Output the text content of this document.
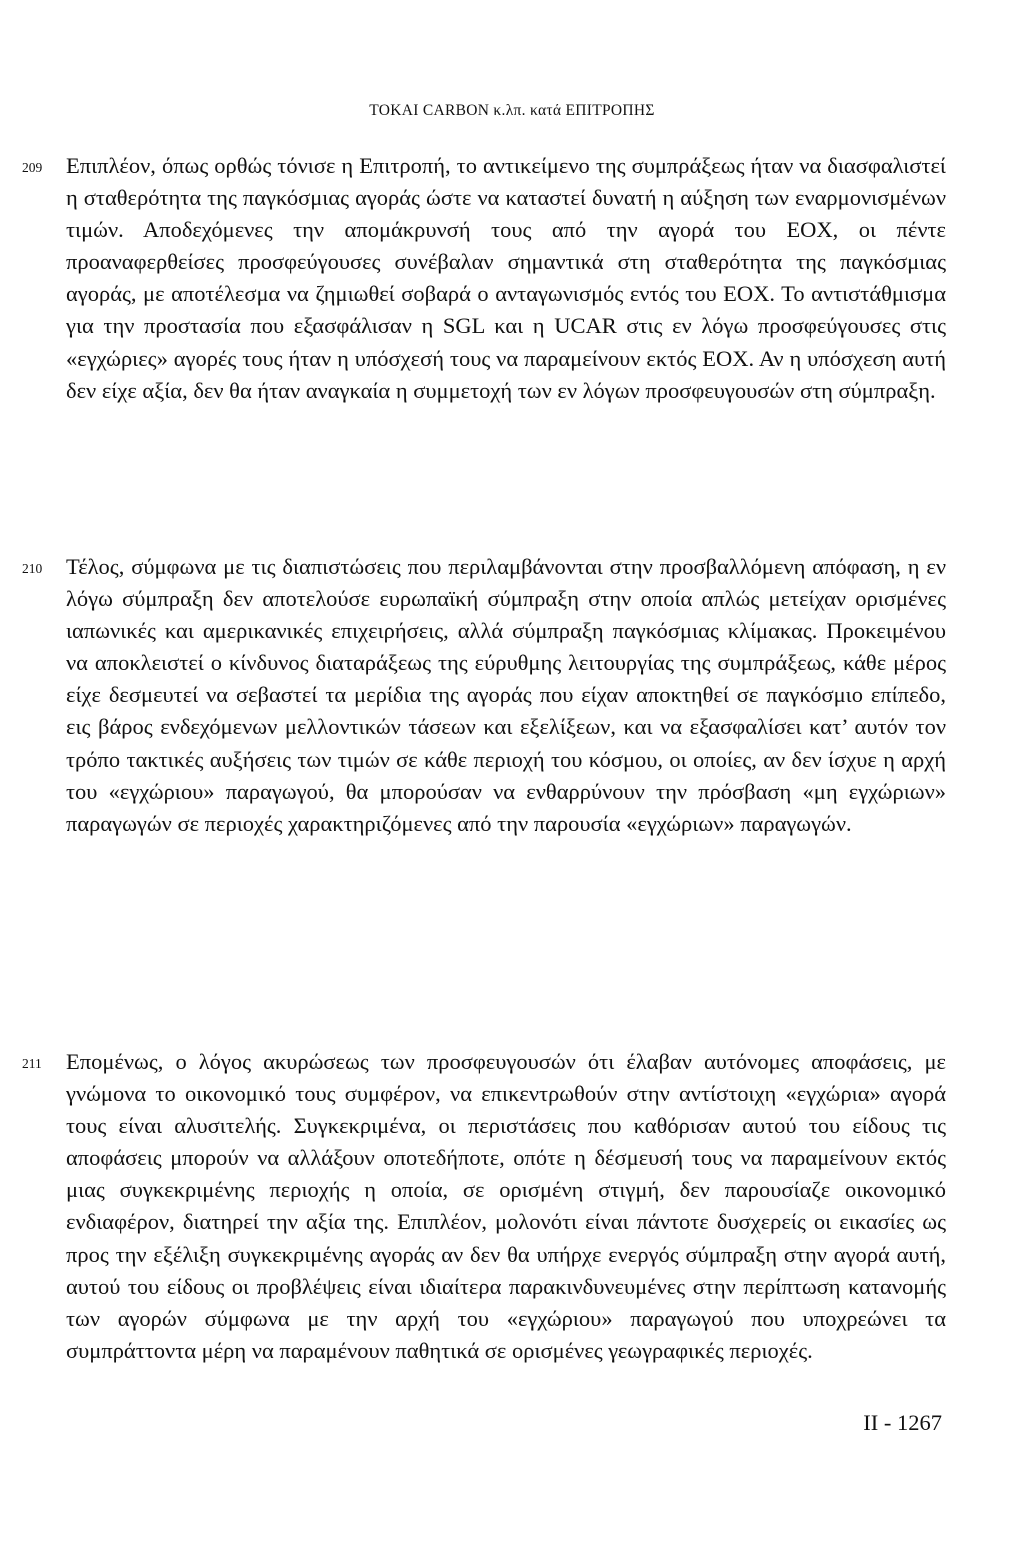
TOKAI CARBON κ.λπ. κατά ΕΠΙΤΡΟΠΗΣ
209 Επιπλέον, όπως ορθώς τόνισε η Επιτροπή, το αντικείμενο της συμπράξεως ήταν να διασφαλιστεί η σταθερότητα της παγκόσμιας αγοράς ώστε να καταστεί δυνατή η αύξηση των εναρμονισμένων τιμών. Αποδεχόμενες την απομάκρυνσή τους από την αγορά του ΕΟΧ, οι πέντε προαναφερθείσες προσφεύγουσες συνέβαλαν σημαντικά στη σταθερότητα της παγκόσμιας αγοράς, με αποτέλεσμα να ζημιωθεί σοβαρά ο ανταγωνισμός εντός του ΕΟΧ. Το αντιστάθμισμα για την προστασία που εξασφάλισαν η SGL και η UCAR στις εν λόγω προσφεύγουσες στις «εγχώριες» αγορές τους ήταν η υπόσχεσή τους να παραμείνουν εκτός ΕΟΧ. Αν η υπόσχεση αυτή δεν είχε αξία, δεν θα ήταν αναγκαία η συμμετοχή των εν λόγων προσφευγουσών στη σύμπραξη.

210 Τέλος, σύμφωνα με τις διαπιστώσεις που περιλαμβάνονται στην προσβαλλόμενη απόφαση, η εν λόγω σύμπραξη δεν αποτελούσε ευρωπαϊκή σύμπραξη στην οποία απλώς μετείχαν ορισμένες ιαπωνικές και αμερικανικές επιχειρήσεις, αλλά σύμπραξη παγκόσμιας κλίμακας. Προκειμένου να αποκλειστεί ο κίνδυνος διαταράξεως της εύρυθμης λειτουργίας της συμπράξεως, κάθε μέρος είχε δεσμευτεί να σεβαστεί τα μερίδια της αγοράς που είχαν αποκτηθεί σε παγκόσμιο επίπεδο, εις βάρος ενδεχόμενων μελλοντικών τάσεων και εξελίξεων, και να εξασφαλίσει κατ’ αυτόν τον τρόπο τακτικές αυξήσεις των τιμών σε κάθε περιοχή του κόσμου, οι οποίες, αν δεν ίσχυε η αρχή του «εγχώριου» παραγωγού, θα μπορούσαν να ενθαρρύνουν την πρόσβαση «μη εγχώριων» παραγωγών σε περιοχές χαρακτηριζόμενες από την παρουσία «εγχώριων» παραγωγών.

211 Επομένως, ο λόγος ακυρώσεως των προσφευγουσών ότι έλαβαν αυτόνομες αποφάσεις, με γνώμονα το οικονομικό τους συμφέρον, να επικεντρωθούν στην αντίστοιχη «εγχώρια» αγορά τους είναι αλυσιτελής. Συγκεκριμένα, οι περιστάσεις που καθόρισαν αυτού του είδους τις αποφάσεις μπορούν να αλλάξουν οποτεδήποτε, οπότε η δέσμευσή τους να παραμείνουν εκτός μιας συγκεκριμένης περιοχής η οποία, σε ορισμένη στιγμή, δεν παρουσίαζε οικονομικό ενδιαφέρον, διατηρεί την αξία της. Επιπλέον, μολονότι είναι πάντοτε δυσχερείς οι εικασίες ως προς την εξέλιξη συγκεκριμένης αγοράς αν δεν θα υπήρχε ενεργός σύμπραξη στην αγορά αυτή, αυτού του είδους οι προβλέψεις είναι ιδιαίτερα παρακινδυνευμένες στην περίπτωση κατανομής των αγορών σύμφωνα με την αρχή του «εγχώριου» παραγωγού που υποχρεώνει τα συμπράττοντα μέρη να παραμένουν παθητικά σε ορισμένες γεωγραφικές περιοχές.

II - 1267
